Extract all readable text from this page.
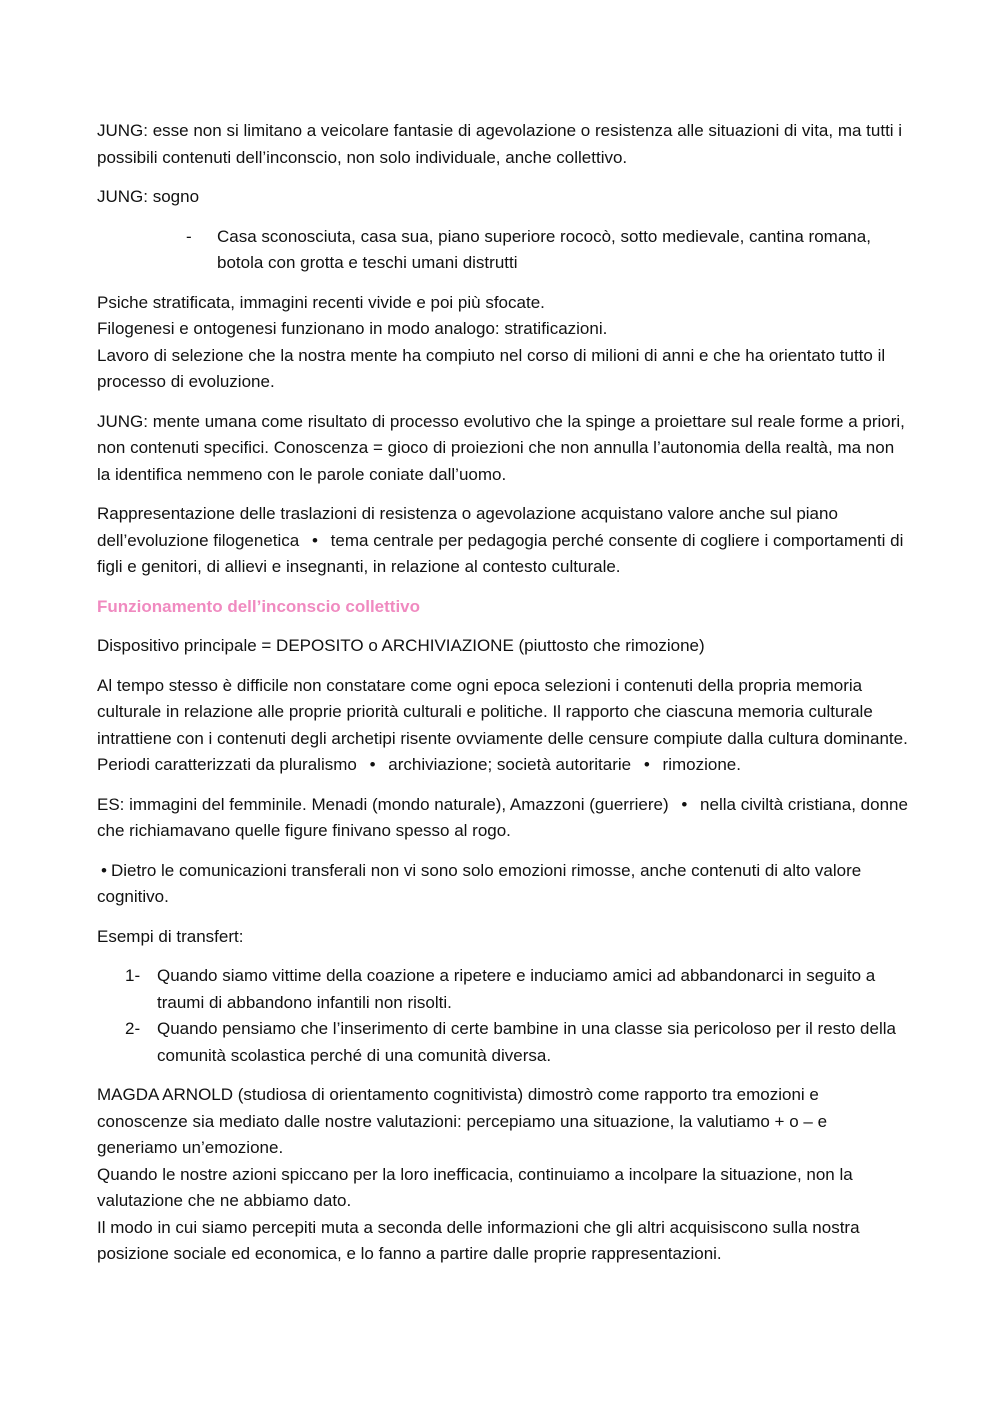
JUNG: esse non si limitano a veicolare fantasie di agevolazione o resistenza alle situazioni di vita, ma tutti i possibili contenuti dell’inconscio, non solo individuale, anche collettivo.

JUNG: sogno

- Casa sconosciuta, casa sua, piano superiore rococò, sotto medievale, cantina romana, botola con grotta e teschi umani distrutti

Psiche stratificata, immagini recenti vivide e poi più sfocate.
Filogenesi e ontogenesi funzionano in modo analogo: stratificazioni.
Lavoro di selezione che la nostra mente ha compiuto nel corso di milioni di anni e che ha orientato tutto il processo di evoluzione.

JUNG: mente umana come risultato di processo evolutivo che la spinge a proiettare sul reale forme a priori, non contenuti specifici. Conoscenza = gioco di proiezioni che non annulla l’autonomia della realtà, ma non la identifica nemmeno con le parole coniate dall’uomo.

Rappresentazione delle traslazioni di resistenza o agevolazione acquistano valore anche sul piano dell’evoluzione filogenetica • tema centrale per pedagogia perché consente di cogliere i comportamenti di figli e genitori, di allievi e insegnanti, in relazione al contesto culturale.

Funzionamento dell’inconscio collettivo

Dispositivo principale = DEPOSITO o ARCHIVIAZIONE (piuttosto che rimozione)

Al tempo stesso è difficile non constatare come ogni epoca selezioni i contenuti della propria memoria culturale in relazione alle proprie priorità culturali e politiche. Il rapporto che ciascuna memoria culturale intrattiene con i contenuti degli archetipi risente ovviamente delle censure compiute dalla cultura dominante. Periodi caratterizzati da pluralismo • archiviazione; società autoritarie • rimozione.

ES: immagini del femminile. Menadi (mondo naturale), Amazzoni (guerriere) • nella civiltà cristiana, donne che richiamavano quelle figure finivano spesso al rogo.

• Dietro le comunicazioni transferali non vi sono solo emozioni rimosse, anche contenuti di alto valore cognitivo.

Esempi di transfert:

1- Quando siamo vittime della coazione a ripetere e induciamo amici ad abbandonarci in seguito a traumi di abbandono infantili non risolti.
2- Quando pensiamo che l’inserimento di certe bambine in una classe sia pericoloso per il resto della comunità scolastica perché di una comunità diversa.

MAGDA ARNOLD (studiosa di orientamento cognitivista) dimostrò come rapporto tra emozioni e conoscenze sia mediato dalle nostre valutazioni: percepiamo una situazione, la valutiamo + o – e generiamo un’emozione.
Quando le nostre azioni spiccano per la loro inefficacia, continuiamo a incolpare la situazione, non la valutazione che ne abbiamo dato.
Il modo in cui siamo percepiti muta a seconda delle informazioni che gli altri acquisiscono sulla nostra posizione sociale ed economica, e lo fanno a partire dalle proprie rappresentazioni.
